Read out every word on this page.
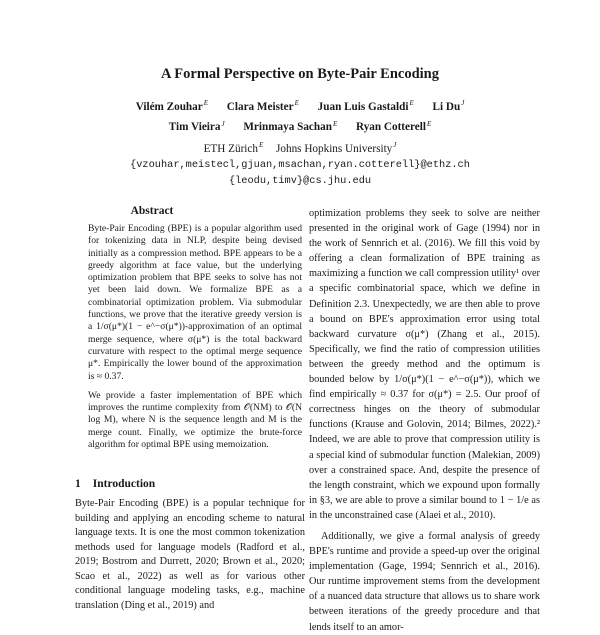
A Formal Perspective on Byte-Pair Encoding
Vilém Zouhar$^E$ Clara Meister$^E$ Juan Luis Gastaldi$^E$ Li $Du^J$
Tim Vieira$^J$ Mrinmaya Sachan$^E$ Ryan Cotterell$^E$
ETH Zürich$^E$ Johns Hopkins University$^J$
{vzouhar,meistecl,gjuan,msachan,ryan.cotterell}@ethz.ch
{leodu,timv}@cs.jhu.edu
Abstract

Byte-Pair Encoding (BPE) is a popular algorithm used for tokenizing data in NLP, despite being devised initially as a compression method. BPE appears to be a greedy algorithm at face value, but the underlying optimization problem that BPE seeks to solve has not yet been laid down. We formalize BPE as a combinatorial optimization problem. Via submodular functions, we prove that the iterative greedy version is a 1/σ(μ*)(1 − e^−σ(μ*))-approximation of an optimal merge sequence, where σ(μ*) is the total backward curvature with respect to the optimal merge sequence μ*. Empirically the lower bound of the approximation is ≈ 0.37.

We provide a faster implementation of BPE which improves the runtime complexity from 𝒪(NM) to 𝒪(N log M), where N is the sequence length and M is the merge count. Finally, we optimize the brute-force algorithm for optimal BPE using memoization.

1 Introduction

Byte-Pair Encoding (BPE) is a popular technique for building and applying an encoding scheme to natural language texts. It is one the most common tokenization methods used for language models (Radford et al., 2019; Bostrom and Durrett, 2020; Brown et al., 2020; Scao et al., 2022) as well as for various other conditional language modeling tasks, e.g., machine translation (Ding et al., 2019) and

optimization problems they seek to solve are neither presented in the original work of Gage (1994) nor in the work of Sennrich et al. (2016). We fill this void by offering a clean formalization of BPE training as maximizing a function we call compression utility¹ over a specific combinatorial space, which we define in Definition 2.3. Unexpectedly, we are then able to prove a bound on BPE's approximation error using total backward curvature σ(μ*) (Zhang et al., 2015). Specifically, we find the ratio of compression utilities between the greedy method and the optimum is bounded below by 1/σ(μ*)(1 − e^−σ(μ*)), which we find empirically ≈ 0.37 for σ(μ*) = 2.5. Our proof of correctness hinges on the theory of submodular functions (Krause and Golovin, 2014; Bilmes, 2022).² Indeed, we are able to prove that compression utility is a special kind of submodular function (Malekian, 2009) over a constrained space. And, despite the presence of the length constraint, which we expound upon formally in §3, we are able to prove a similar bound to 1 − 1/e as in the unconstrained case (Alaei et al., 2010).

Additionally, we give a formal analysis of greedy BPE's runtime and provide a speed-up over the original implementation (Gage, 1994; Sennrich et al., 2016). Our runtime improvement stems from the development of a nuanced data structure that allows us to share work between iterations of the greedy procedure and that lends itself to an amor-
